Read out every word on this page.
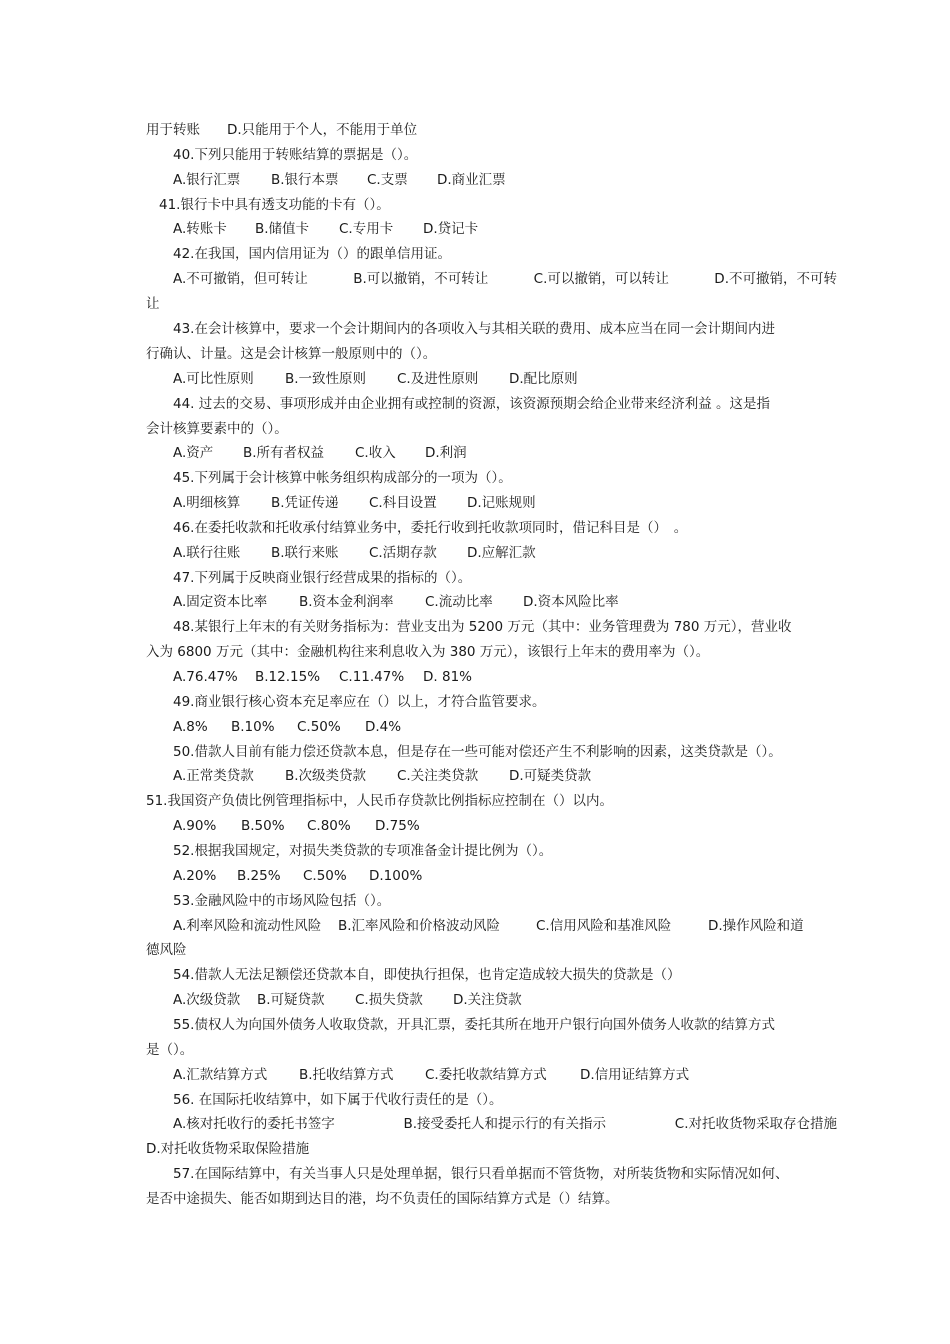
用于转账　　D.只能用于个人，不能用于单位
40.下列只能用于转账结算的票据是（）。
A.银行汇票 B.银行本票 C.支票 D.商业汇票
41.银行卡中具有透支功能的卡有（）。
A.转账卡 B.储值卡 C.专用卡 D.贷记卡
42.在我国，国内信用证为（）的跟单信用证。
A.不可撤销，但可转让	B.可以撤销，不可转让	C.可以撤销，可以转让	D.不可撤销，不可转
让
43.在会计核算中，要求一个会计期间内的各项收入与其相关联的费用、成本应当在同一会计期间内进
行确认、计量。这是会计核算一般原则中的（）。
A.可比性原则 B.一致性原则 C.及进性原则 D.配比原则
44. 过去的交易、事项形成并由企业拥有或控制的资源，该资源预期会给企业带来经济利益 。这是指
会计核算要素中的（）。
A.资产 B.所有者权益 C.收入 D.利润
45.下列属于会计核算中帐务组织构成部分的一项为（）。
A.明细核算 B.凭证传递 C.科目设置 D.记账规则
46.在委托收款和托收承付结算业务中，委托行收到托收款项同时，借记科目是（）　。
A.联行往账 B.联行来账 C.活期存款 D.应解汇款
47.下列属于反映商业银行经营成果的指标的（）。
A.固定资本比率 B.资本金利润率 C.流动比率 D.资本风险比率
48.某银行上年末的有关财务指标为：营业支出为 5200 万元（其中：业务管理费为 780 万元），营业收
入为 6800 万元（其中：金融机构往来利息收入为 380 万元），该银行上年末的费用率为（）。
A.76.47% B.12.15% C.11.47% D. 81%
49.商业银行核心资本充足率应在（）以上，才符合监管要求。
A.8% B.10% C.50% D.4%
50.借款人目前有能力偿还贷款本息，但是存在一些可能对偿还产生不利影响的因素，这类贷款是（）。
A.正常类贷款 B.次级类贷款 C.关注类贷款 D.可疑类贷款
51.我国资产负债比例管理指标中，人民币存贷款比例指标应控制在（）以内。
A.90% B.50% C.80% D.75%
52.根据我国规定，对损失类贷款的专项准备金计提比例为（）。
A.20% B.25% C.50% D.100%
53.金融风险中的市场风险包括（）。
A.利率风险和流动性风险 B.汇率风险和价格波动风险	C.信用风险和基准风险	D.操作风险和道
德风险
54.借款人无法足额偿还贷款本自，即使执行担保，也肯定造成较大损失的贷款是（）
A.次级贷款 B.可疑贷款 C.损失贷款 D.关注贷款
55.债权人为向国外债务人收取贷款，开具汇票，委托其所在地开户银行向国外债务人收款的结算方式
是（）。
A.汇款结算方式 B.托收结算方式 C.委托收款结算方式 D.信用证结算方式
56. 在国际托收结算中，如下属于代收行责任的是（）。
A.核对托收行的委托书签字	B.接受委托人和提示行的有关指示	C.对托收货物采取存仓措施
D.对托收货物采取保险措施
57.在国际结算中，有关当事人只是处理单据，银行只看单据而不管货物，对所装货物和实际情况如何、
是否中途损失、能否如期到达目的港，均不负责任的国际结算方式是（）结算。
